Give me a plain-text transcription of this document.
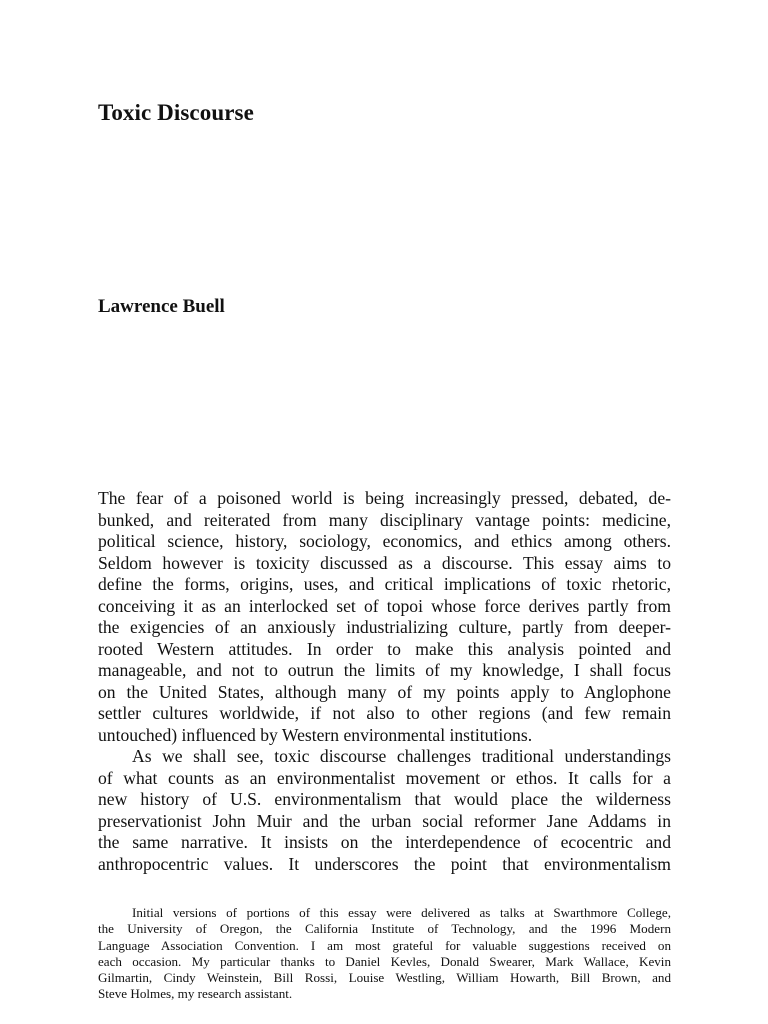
Toxic Discourse
Lawrence Buell
The fear of a poisoned world is being increasingly pressed, debated, de-
bunked, and reiterated from many disciplinary vantage points: medicine,
political science, history, sociology, economics, and ethics among others.
Seldom however is toxicity discussed as a discourse. This essay aims to
define the forms, origins, uses, and critical implications of toxic rhetoric,
conceiving it as an interlocked set of topoi whose force derives partly from
the exigencies of an anxiously industrializing culture, partly from deeper-
rooted Western attitudes. In order to make this analysis pointed and
manageable, and not to outrun the limits of my knowledge, I shall focus
on the United States, although many of my points apply to Anglophone
settler cultures worldwide, if not also to other regions (and few remain
untouched) influenced by Western environmental institutions.
As we shall see, toxic discourse challenges traditional understandings
of what counts as an environmentalist movement or ethos. It calls for a
new history of U.S. environmentalism that would place the wilderness
preservationist John Muir and the urban social reformer Jane Addams in
the same narrative. It insists on the interdependence of ecocentric and
anthropocentric values. It underscores the point that environmentalism
Initial versions of portions of this essay were delivered as talks at Swarthmore College,
the University of Oregon, the California Institute of Technology, and the 1996 Modern
Language Association Convention. I am most grateful for valuable suggestions received on
each occasion. My particular thanks to Daniel Kevles, Donald Swearer, Mark Wallace, Kevin
Gilmartin, Cindy Weinstein, Bill Rossi, Louise Westling, William Howarth, Bill Brown, and
Steve Holmes, my research assistant.
